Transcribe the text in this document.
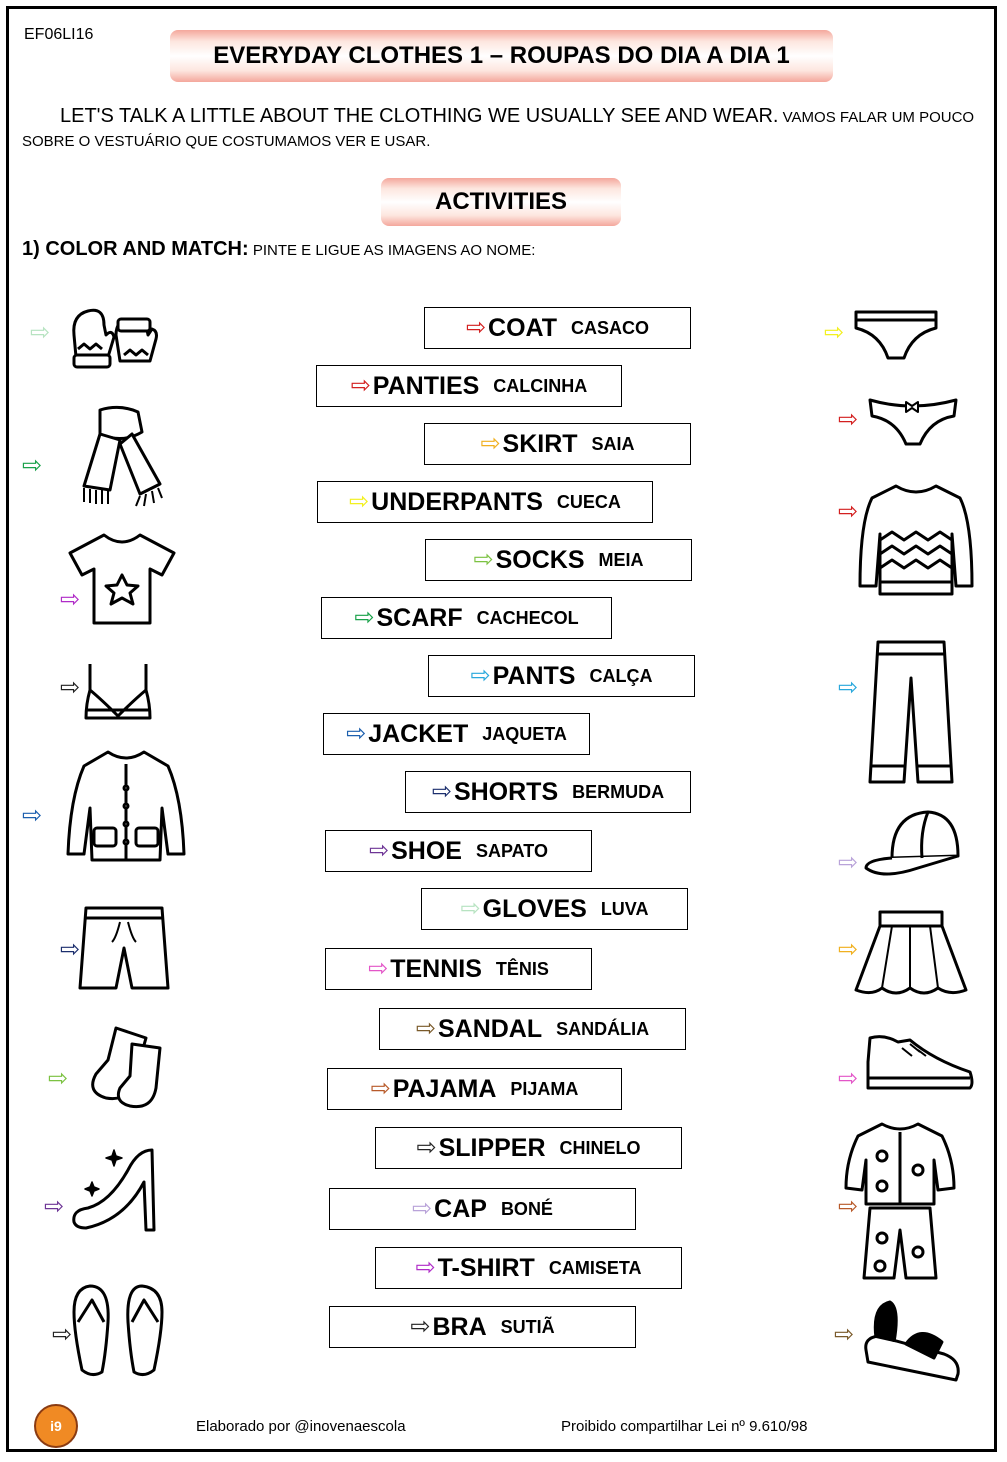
EF06LI16
EVERYDAY CLOTHES 1 – ROUPAS DO DIA A DIA 1
LET'S TALK A LITTLE ABOUT THE CLOTHING WE USUALLY SEE AND WEAR. VAMOS FALAR UM POUCO SOBRE O VESTUÁRIO QUE COSTUMAMOS VER E USAR.
ACTIVITIES
1) COLOR AND MATCH: PINTE E LIGUE AS IMAGENS AO NOME:
⇨ COAT CASACO
⇨ PANTIES CALCINHA
⇨ SKIRT SAIA
⇨ UNDERPANTS CUECA
⇨ SOCKS MEIA
⇨ SCARF CACHECOL
⇨ PANTS CALÇA
⇨ JACKET JAQUETA
⇨ SHORTS BERMUDA
⇨ SHOE SAPATO
⇨ GLOVES LUVA
⇨ TENNIS TÊNIS
⇨ SANDAL SANDÁLIA
⇨ PAJAMA PIJAMA
⇨ SLIPPER CHINELO
⇨ CAP BONÉ
⇨ T-SHIRT CAMISETA
⇨ BRA SUTIÃ
⇨
⇨
⇨
⇨
⇨
⇨
⇨
⇨
⇨
⇨
⇨
⇨
⇨
⇨
⇨
⇨
⇨
⇨
i9	Elaborado por @inovenaescola	Proibido compartilhar Lei nº 9.610/98
